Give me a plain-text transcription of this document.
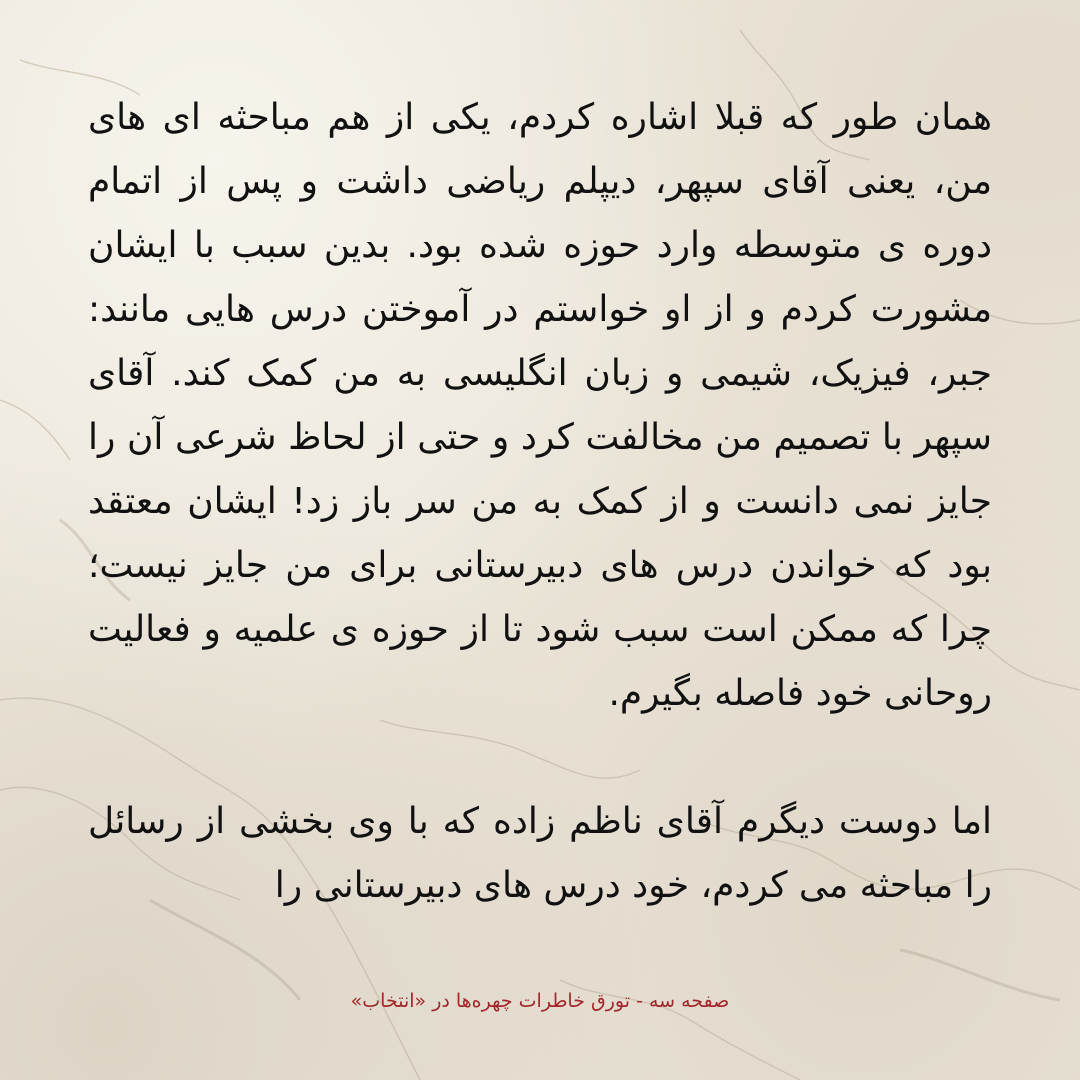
همان طور که قبلا اشاره کردم، یکی از هم مباحثه ای های من، یعنی آقای سپهر، دیپلم ریاضی داشت و پس از اتمام دوره ی متوسطه وارد حوزه شده بود. بدین سبب با ایشان مشورت کردم و از او خواستم در آموختن درس هایی مانند: جبر، فیزیک، شیمی و زبان انگلیسی به من کمک کند. آقای سپهر با تصمیم من مخالفت کرد و حتی از لحاظ شرعی آن را جایز نمی دانست و از کمک به من سر باز زد! ایشان معتقد بود که خواندن درس های دبیرستانی برای من جایز نیست؛ چرا که ممکن است سبب شود تا از حوزه ی علمیه و فعالیت روحانی خود فاصله بگیرم.

اما دوست دیگرم آقای ناظم زاده که با وی بخشی از رسائل را مباحثه می کردم، خود درس های دبیرستانی را

صفحه سه - تورق خاطرات چهره‌ها در «انتخاب»
